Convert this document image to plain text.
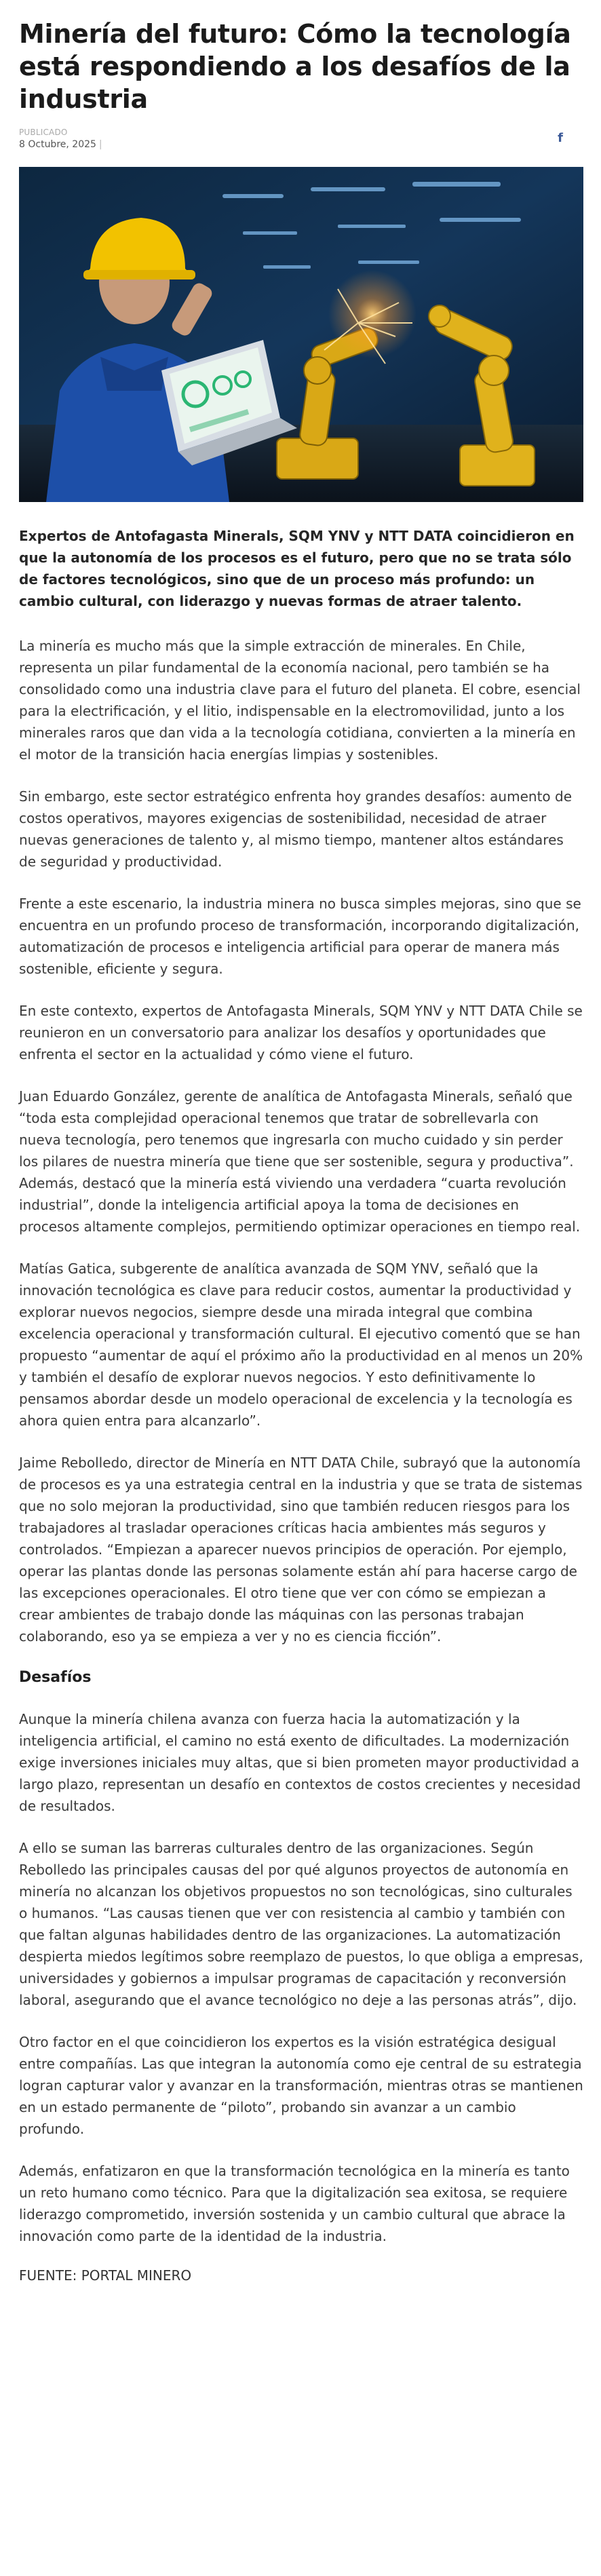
Minería del futuro: Cómo la tecnología está respondiendo a los desafíos de la industria
PUBLICADO
8 Octubre, 2025 |	f

Expertos de Antofagasta Minerals, SQM YNV y NTT DATA coincidieron en que la autonomía de los procesos es el futuro, pero que no se trata sólo de factores tecnológicos, sino que de un proceso más profundo: un cambio cultural, con liderazgo y nuevas formas de atraer talento.

La minería es mucho más que la simple extracción de minerales. En Chile, representa un pilar fundamental de la economía nacional, pero también se ha consolidado como una industria clave para el futuro del planeta. El cobre, esencial para la electrificación, y el litio, indispensable en la electromovilidad, junto a los minerales raros que dan vida a la tecnología cotidiana, convierten a la minería en el motor de la transición hacia energías limpias y sostenibles.

Sin embargo, este sector estratégico enfrenta hoy grandes desafíos: aumento de costos operativos, mayores exigencias de sostenibilidad, necesidad de atraer nuevas generaciones de talento y, al mismo tiempo, mantener altos estándares de seguridad y productividad.

Frente a este escenario, la industria minera no busca simples mejoras, sino que se encuentra en un profundo proceso de transformación, incorporando digitalización, automatización de procesos e inteligencia artificial para operar de manera más sostenible, eficiente y segura.

En este contexto, expertos de Antofagasta Minerals, SQM YNV y NTT DATA Chile se reunieron en un conversatorio para analizar los desafíos y oportunidades que enfrenta el sector en la actualidad y cómo viene el futuro.

Juan Eduardo González, gerente de analítica de Antofagasta Minerals, señaló que “toda esta complejidad operacional tenemos que tratar de sobrellevarla con nueva tecnología, pero tenemos que ingresarla con mucho cuidado y sin perder los pilares de nuestra minería que tiene que ser sostenible, segura y productiva”. Además, destacó que la minería está viviendo una verdadera “cuarta revolución industrial”, donde la inteligencia artificial apoya la toma de decisiones en procesos altamente complejos, permitiendo optimizar operaciones en tiempo real.

Matías Gatica, subgerente de analítica avanzada de SQM YNV, señaló que la innovación tecnológica es clave para reducir costos, aumentar la productividad y explorar nuevos negocios, siempre desde una mirada integral que combina excelencia operacional y transformación cultural. El ejecutivo comentó que se han propuesto “aumentar de aquí el próximo año la productividad en al menos un 20% y también el desafío de explorar nuevos negocios. Y esto definitivamente lo pensamos abordar desde un modelo operacional de excelencia y la tecnología es ahora quien entra para alcanzarlo”.

Jaime Rebolledo, director de Minería en NTT DATA Chile, subrayó que la autonomía de procesos es ya una estrategia central en la industria y que se trata de sistemas que no solo mejoran la productividad, sino que también reducen riesgos para los trabajadores al trasladar operaciones críticas hacia ambientes más seguros y controlados. “Empiezan a aparecer nuevos principios de operación. Por ejemplo, operar las plantas donde las personas solamente están ahí para hacerse cargo de las excepciones operacionales. El otro tiene que ver con cómo se empiezan a crear ambientes de trabajo donde las máquinas con las personas trabajan colaborando, eso ya se empieza a ver y no es ciencia ficción”.

Desafíos

Aunque la minería chilena avanza con fuerza hacia la automatización y la inteligencia artificial, el camino no está exento de dificultades. La modernización exige inversiones iniciales muy altas, que si bien prometen mayor productividad a largo plazo, representan un desafío en contextos de costos crecientes y necesidad de resultados.

A ello se suman las barreras culturales dentro de las organizaciones. Según Rebolledo las principales causas del por qué algunos proyectos de autonomía en minería no alcanzan los objetivos propuestos no son tecnológicas, sino culturales o humanos. “Las causas tienen que ver con resistencia al cambio y también con que faltan algunas habilidades dentro de las organizaciones. La automatización despierta miedos legítimos sobre reemplazo de puestos, lo que obliga a empresas, universidades y gobiernos a impulsar programas de capacitación y reconversión laboral, asegurando que el avance tecnológico no deje a las personas atrás”, dijo.

Otro factor en el que coincidieron los expertos es la visión estratégica desigual entre compañías. Las que integran la autonomía como eje central de su estrategia logran capturar valor y avanzar en la transformación, mientras otras se mantienen en un estado permanente de “piloto”, probando sin avanzar a un cambio profundo.

Además, enfatizaron en que la transformación tecnológica en la minería es tanto un reto humano como técnico. Para que la digitalización sea exitosa, se requiere liderazgo comprometido, inversión sostenida y un cambio cultural que abrace la innovación como parte de la identidad de la industria.

FUENTE: PORTAL MINERO
